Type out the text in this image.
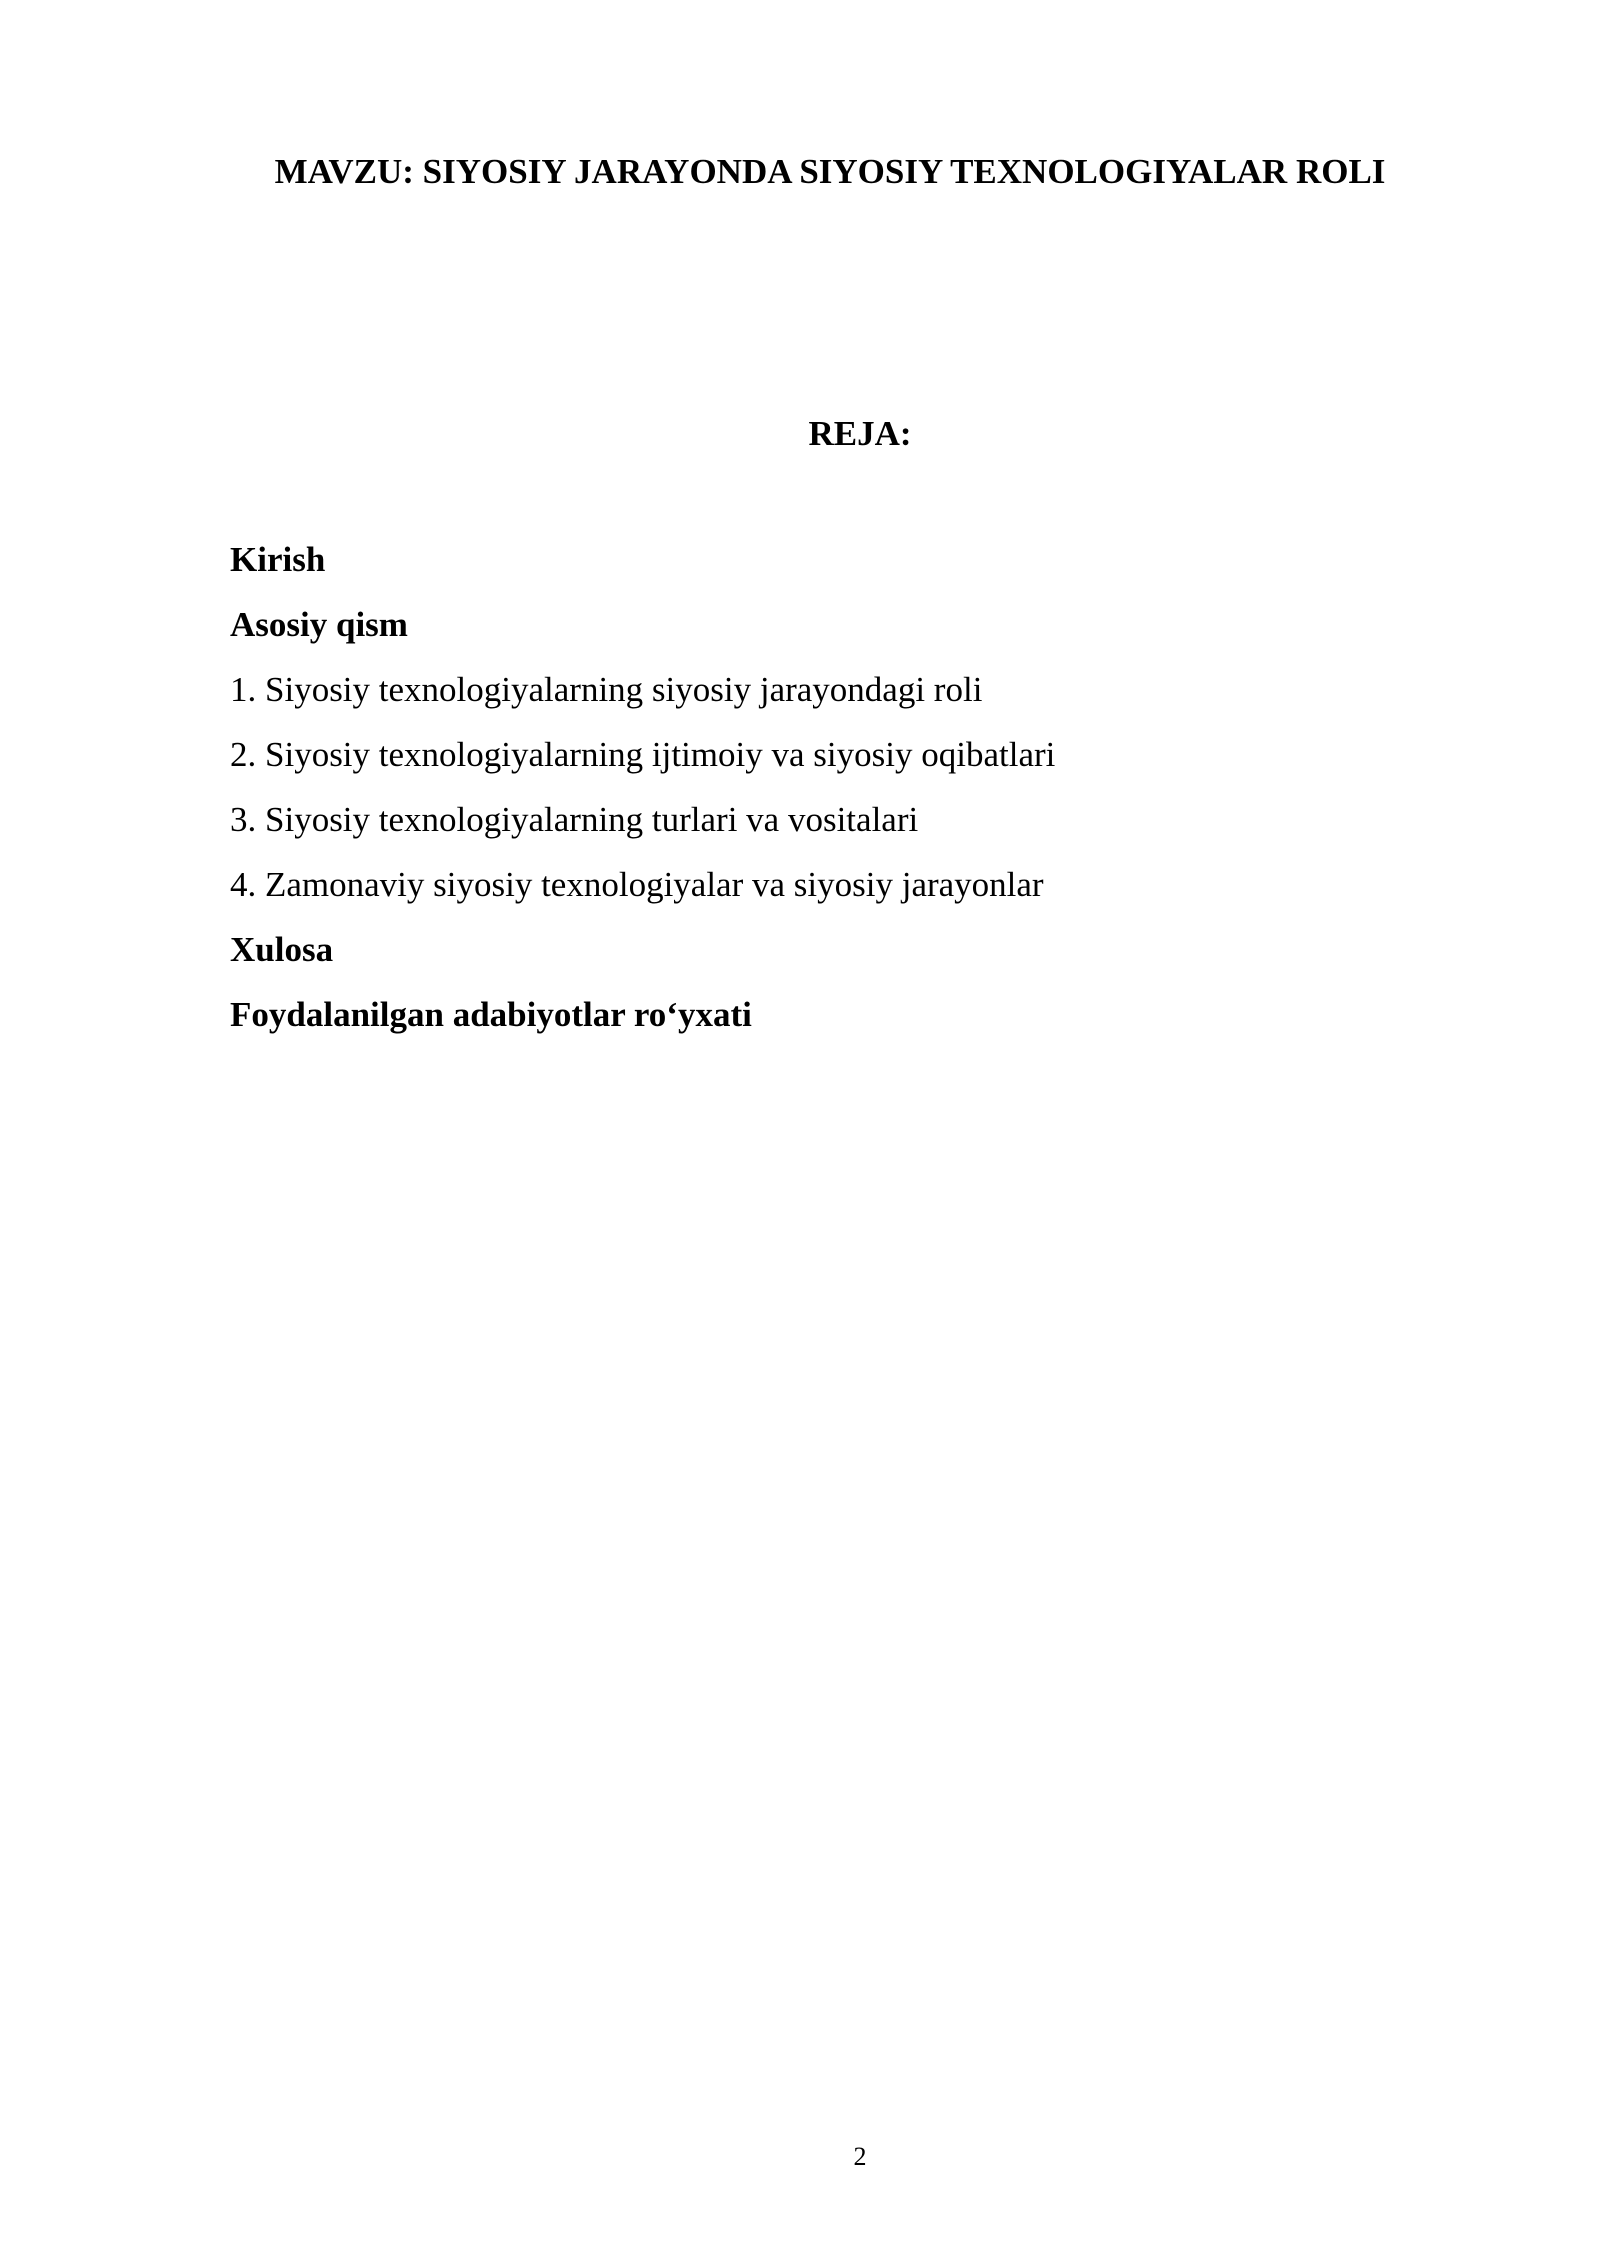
MAVZU: SIYOSIY JARAYONDA SIYOSIY TEXNOLOGIYALAR ROLI
REJA:
Kirish
Asosiy qism
1. Siyosiy texnologiyalarning siyosiy jarayondagi roli
2. Siyosiy texnologiyalarning ijtimoiy va siyosiy oqibatlari
3. Siyosiy texnologiyalarning turlari va vositalari
4. Zamonaviy siyosiy texnologiyalar va siyosiy jarayonlar
Xulosa
Foydalanilgan adabiyotlar ro‘yxati
2
